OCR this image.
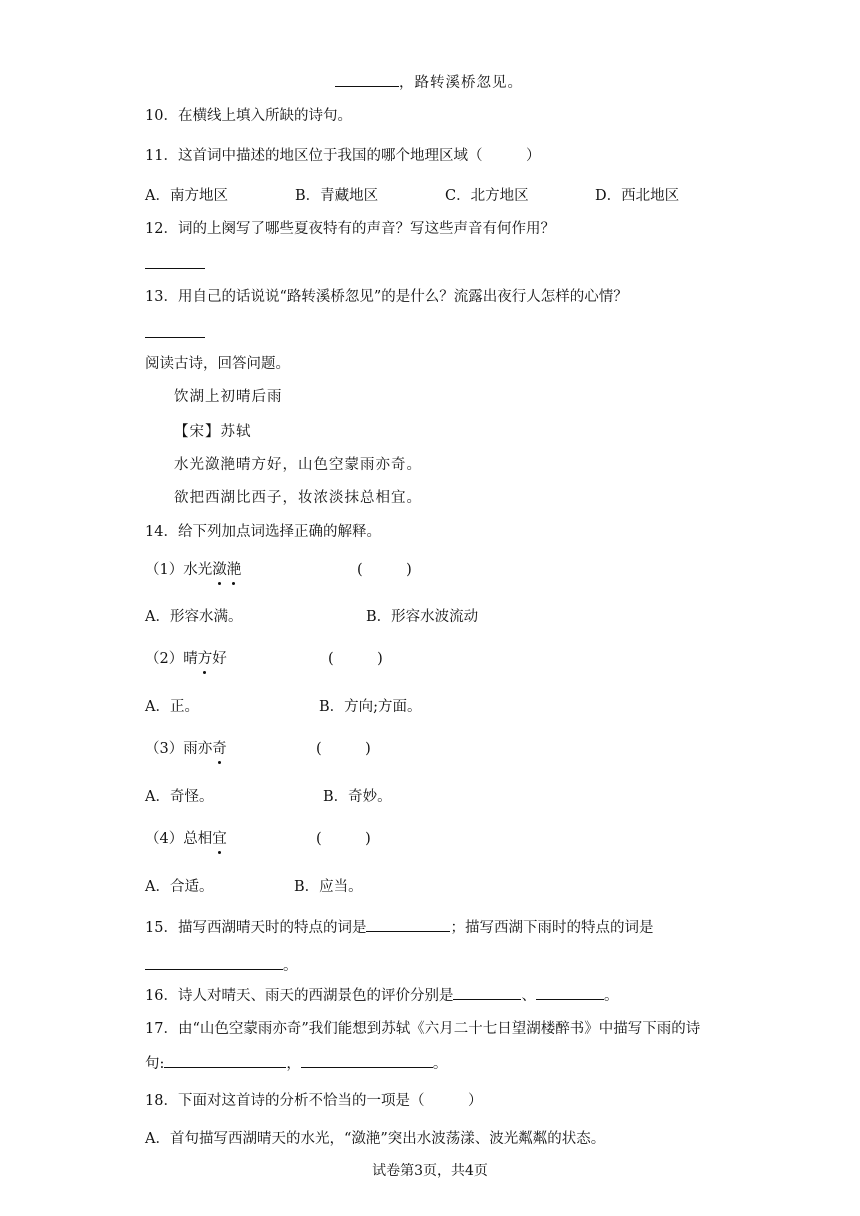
，路转溪桥忽见。
10．在横线上填入所缺的诗句。
11．这首词中描述的地区位于我国的哪个地理区域（　　　）
A．南方地区	B．青藏地区	C．北方地区	D．西北地区
12．词的上阕写了哪些夏夜特有的声音？写这些声音有何作用？
13．用自己的话说说“路转溪桥忽见”的是什么？流露出夜行人怎样的心情？
阅读古诗，回答问题。
饮湖上初晴后雨
【宋】苏轼
水光潋滟晴方好，山色空蒙雨亦奇。
欲把西湖比西子，妆浓淡抹总相宜。
14．给下列加点词选择正确的解释。
（1）水光潋滟	(　　　)
A．形容水满。	B．形容水波流动
（2）晴方好	(　　　)
A．正。	B．方向;方面。
（3）雨亦奇	(　　　)
A．奇怪。	B．奇妙。
（4）总相宜	(　　　)
A．合适。	B．应当。
15．描写西湖晴天时的特点的词是	；描写西湖下雨时的特点的词是
。
16．诗人对晴天、雨天的西湖景色的评价分别是	、	。
17．由“山色空蒙雨亦奇”我们能想到苏轼《六月二十七日望湖楼醉书》中描写下雨的诗
句:	，	。
18．下面对这首诗的分析不恰当的一项是（　　　）
A．首句描写西湖晴天的水光，“潋滟”突出水波荡漾、波光粼粼的状态。
试卷第3页，共4页
